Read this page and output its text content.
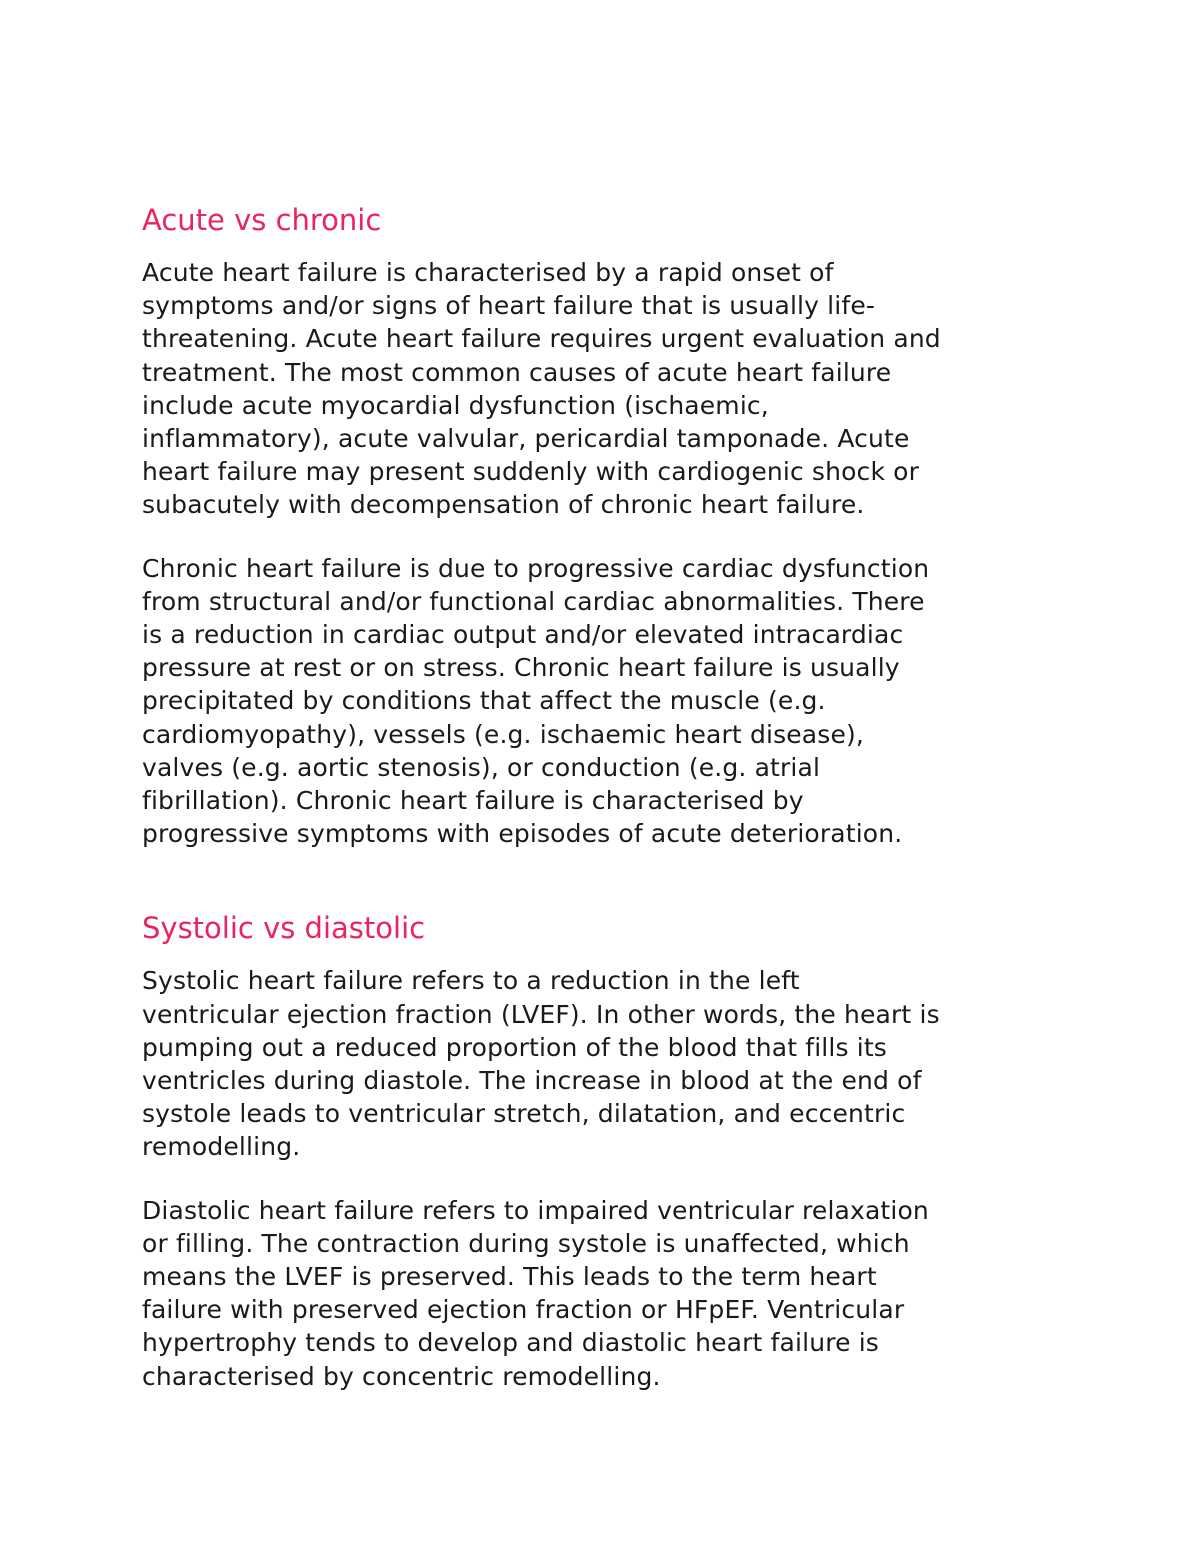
Acute vs chronic

Acute heart failure is characterised by a rapid onset of
symptoms and/or signs of heart failure that is usually life-
threatening. Acute heart failure requires urgent evaluation and
treatment. The most common causes of acute heart failure
include acute myocardial dysfunction (ischaemic,
inflammatory), acute valvular, pericardial tamponade. Acute
heart failure may present suddenly with cardiogenic shock or
subacutely with decompensation of chronic heart failure.

Chronic heart failure is due to progressive cardiac dysfunction
from structural and/or functional cardiac abnormalities. There
is a reduction in cardiac output and/or elevated intracardiac
pressure at rest or on stress. Chronic heart failure is usually
precipitated by conditions that affect the muscle (e.g.
cardiomyopathy), vessels (e.g. ischaemic heart disease),
valves (e.g. aortic stenosis), or conduction (e.g. atrial
fibrillation). Chronic heart failure is characterised by
progressive symptoms with episodes of acute deterioration.

Systolic vs diastolic

Systolic heart failure refers to a reduction in the left
ventricular ejection fraction (LVEF). In other words, the heart is
pumping out a reduced proportion of the blood that fills its
ventricles during diastole. The increase in blood at the end of
systole leads to ventricular stretch, dilatation, and eccentric
remodelling.

Diastolic heart failure refers to impaired ventricular relaxation
or filling. The contraction during systole is unaffected, which
means the LVEF is preserved. This leads to the term heart
failure with preserved ejection fraction or HFpEF. Ventricular
hypertrophy tends to develop and diastolic heart failure is
characterised by concentric remodelling.
